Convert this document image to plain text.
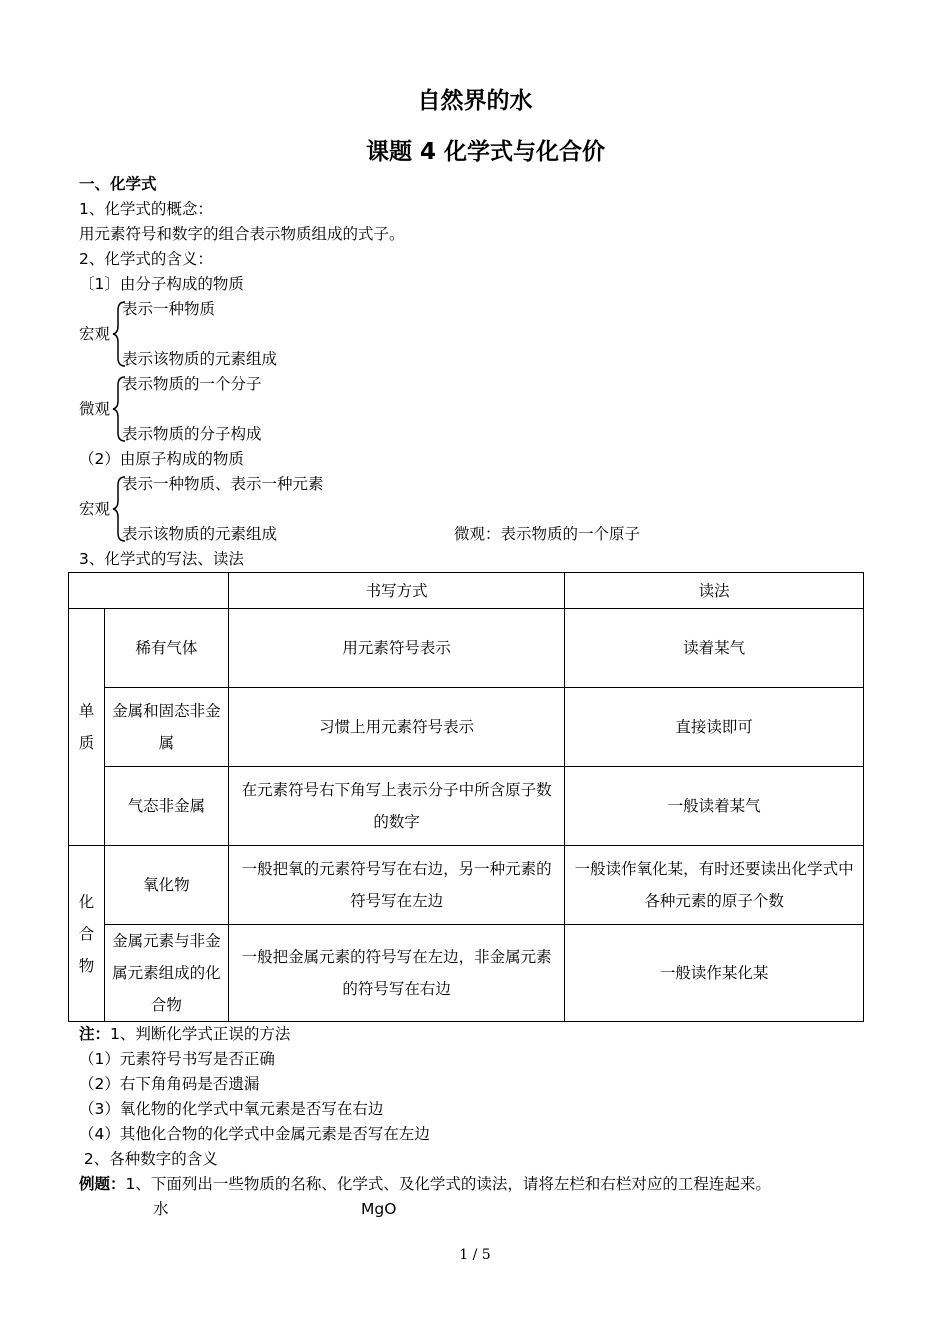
自然界的水
课题 4 化学式与化合价
一、化学式
1、化学式的概念：
用元素符号和数字的组合表示物质组成的式子。
2、化学式的含义：
〔1〕由分子构成的物质
表示一种物质
宏观
表示该物质的元素组成
表示物质的一个分子
微观
表示物质的分子构成
（2）由原子构成的物质
表示一种物质、表示一种元素
宏观
表示该物质的元素组成	微观：表示物质的一个原子
3、化学式的写法、读法
		书写方式	读法

单
质	稀有气体	用元素符号表示	读着某气
	金属和固态非金属	习惯上用元素符号表示	直接读即可
	气态非金属	在元素符号右下角写上表示分子中所含原子数的数字	一般读着某气

化
合
物	氧化物	一般把氧的元素符号写在右边，另一种元素的符号写在左边	一般读作氧化某，有时还要读出化学式中各种元素的原子个数
	金属元素与非金属元素组成的化合物	一般把金属元素的符号写在左边，非金属元素的符号写在右边	一般读作某化某
注：1、判断化学式正误的方法
（1）元素符号书写是否正确
（2）右下角角码是否遗漏
（3）氧化物的化学式中氧元素是否写在右边
（4）其他化合物的化学式中金属元素是否写在左边
2、各种数字的含义
例题：1、下面列出一些物质的名称、化学式、及化学式的读法，请将左栏和右栏对应的工程连起来。
水	MgO
1 / 5
